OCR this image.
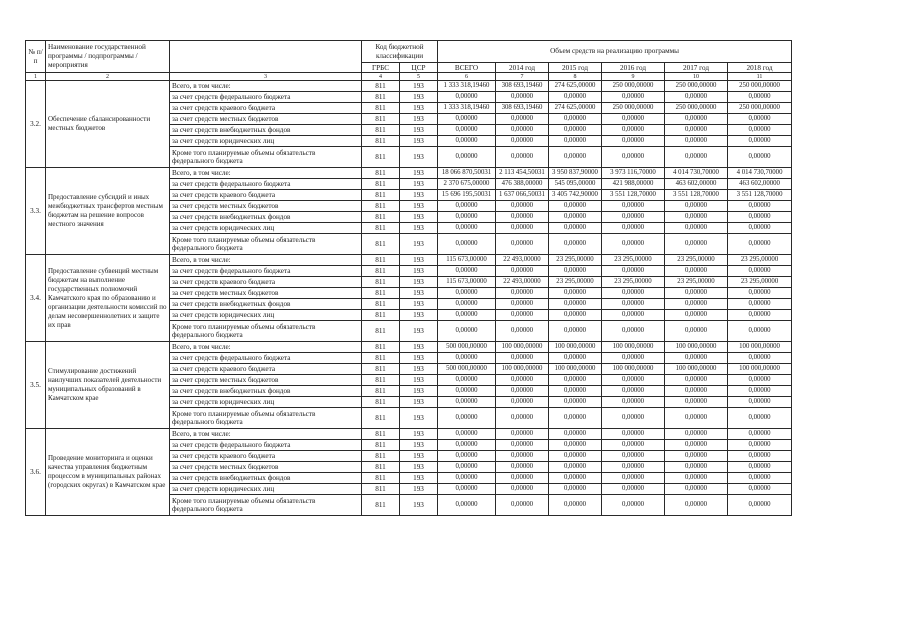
№ п/п	Наименование государственной программы / подпрограммы / мероприятия		Код бюджетной классификации		Объем средств на реализацию программы					
			ГРБС	ЦСР	ВСЕГО	2014 год	2015 год	2016 год	2017 год	2018 год
1	2	3	4	5	6	7	8	9	10	11
3.2.	Обеспечение сбалансированности местных бюджетов	Всего, в том числе:	811	193	1 333 318,19460	308 693,19460	274 625,00000	250 000,00000	250 000,00000	250 000,00000
		за счет средств федерального бюджета	811	193	0,00000	0,00000	0,00000	0,00000	0,00000	0,00000
		за счет средств краевого бюджета	811	193	1 333 318,19460	308 693,19460	274 625,00000	250 000,00000	250 000,00000	250 000,00000
		за счет средств местных бюджетов	811	193	0,00000	0,00000	0,00000	0,00000	0,00000	0,00000
		за счет средств внебюджетных фондов	811	193	0,00000	0,00000	0,00000	0,00000	0,00000	0,00000
		за счет средств юридических лиц	811	193	0,00000	0,00000	0,00000	0,00000	0,00000	0,00000
		Кроме того планируемые объемы обязательств федерального бюджета	811	193	0,00000	0,00000	0,00000	0,00000	0,00000	0,00000
3.3.	Предоставление субсидий и иных межбюджетных трансфертов местным бюджетам на решение вопросов местного значения	Всего, в том числе:	811	193	18 066 870,50031	2 113 454,50031	3 950 837,90000	3 973 116,70000	4 014 730,70000	4 014 730,70000
		за счет средств федерального бюджета	811	193	2 370 675,00000	476 388,00000	545 095,00000	421 988,00000	463 602,00000	463 602,00000
		за счет средств краевого бюджета	811	193	15 696 195,50031	1 637 066,50031	3 405 742,90000	3 551 128,70000	3 551 128,70000	3 551 128,70000
		за счет средств местных бюджетов	811	193	0,00000	0,00000	0,00000	0,00000	0,00000	0,00000
		за счет средств внебюджетных фондов	811	193	0,00000	0,00000	0,00000	0,00000	0,00000	0,00000
		за счет средств юридических лиц	811	193	0,00000	0,00000	0,00000	0,00000	0,00000	0,00000
		Кроме того планируемые объемы обязательств федерального бюджета	811	193	0,00000	0,00000	0,00000	0,00000	0,00000	0,00000
3.4.	Предоставление субвенций местным бюджетам на выполнение государственных полномочий Камчатского края по образованию и организации деятельности комиссий по делам несовершеннолетних и защите их прав	Всего, в том числе:	811	193	115 673,00000	22 493,00000	23 295,00000	23 295,00000	23 295,00000	23 295,00000
		за счет средств федерального бюджета	811	193	0,00000	0,00000	0,00000	0,00000	0,00000	0,00000
		за счет средств краевого бюджета	811	193	115 673,00000	22 493,00000	23 295,00000	23 295,00000	23 295,00000	23 295,00000
		за счет средств местных бюджетов	811	193	0,00000	0,00000	0,00000	0,00000	0,00000	0,00000
		за счет средств внебюджетных фондов	811	193	0,00000	0,00000	0,00000	0,00000	0,00000	0,00000
		за счет средств юридических лиц	811	193	0,00000	0,00000	0,00000	0,00000	0,00000	0,00000
		Кроме того планируемые объемы обязательств федерального бюджета	811	193	0,00000	0,00000	0,00000	0,00000	0,00000	0,00000
3.5.	Стимулирование достижений наилучших показателей деятельности муниципальных образований в Камчатском крае	Всего, в том числе:	811	193	500 000,00000	100 000,00000	100 000,00000	100 000,00000	100 000,00000	100 000,00000
		за счет средств федерального бюджета	811	193	0,00000	0,00000	0,00000	0,00000	0,00000	0,00000
		за счет средств краевого бюджета	811	193	500 000,00000	100 000,00000	100 000,00000	100 000,00000	100 000,00000	100 000,00000
		за счет средств местных бюджетов	811	193	0,00000	0,00000	0,00000	0,00000	0,00000	0,00000
		за счет средств внебюджетных фондов	811	193	0,00000	0,00000	0,00000	0,00000	0,00000	0,00000
		за счет средств юридических лиц	811	193	0,00000	0,00000	0,00000	0,00000	0,00000	0,00000
		Кроме того планируемые объемы обязательств федерального бюджета	811	193	0,00000	0,00000	0,00000	0,00000	0,00000	0,00000
3.6.	Проведение мониторинга и оценки качества управления бюджетным процессом в муниципальных районах (городских округах) в Камчатском крае	Всего, в том числе:	811	193	0,00000	0,00000	0,00000	0,00000	0,00000	0,00000
		за счет средств федерального бюджета	811	193	0,00000	0,00000	0,00000	0,00000	0,00000	0,00000
		за счет средств краевого бюджета	811	193	0,00000	0,00000	0,00000	0,00000	0,00000	0,00000
		за счет средств местных бюджетов	811	193	0,00000	0,00000	0,00000	0,00000	0,00000	0,00000
		за счет средств внебюджетных фондов	811	193	0,00000	0,00000	0,00000	0,00000	0,00000	0,00000
		за счет средств юридических лиц	811	193	0,00000	0,00000	0,00000	0,00000	0,00000	0,00000
		Кроме того планируемые объемы обязательств федерального бюджета	811	193	0,00000	0,00000	0,00000	0,00000	0,00000	0,00000
